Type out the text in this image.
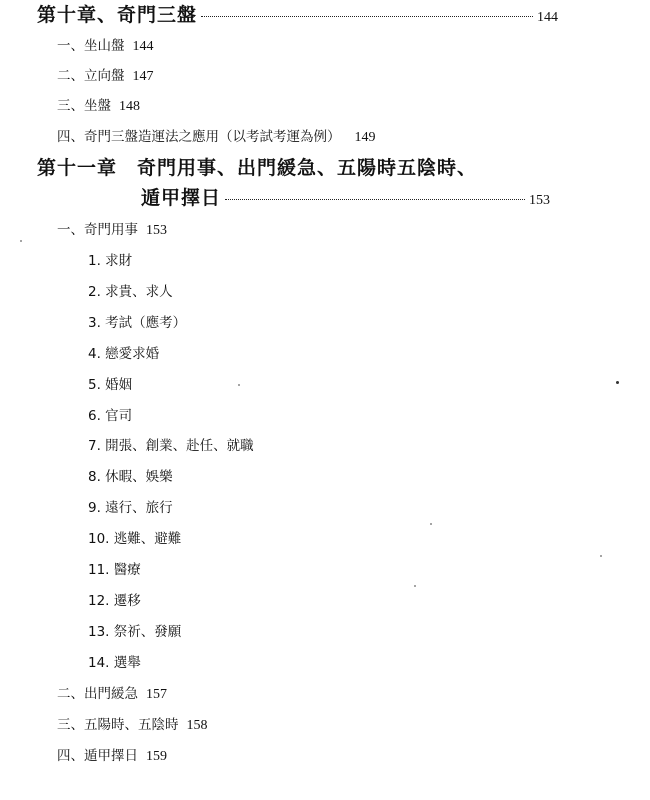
第十章、奇門三盤	144
一、坐山盤 144
二、立向盤 147
三、坐盤 148
四、奇門三盤造運法之應用（以考試考運為例） 149
第十一章　奇門用事、出門緩急、五陽時五陰時、
遁甲擇日	153
一、奇門用事 153
1. 求財
2. 求貴、求人
3. 考試（應考）
4. 戀愛求婚
5. 婚姻
6. 官司
7. 開張、創業、赴任、就職
8. 休暇、娛樂
9. 遠行、旅行
10. 逃難、避難
11. 醫療
12. 遷移
13. 祭祈、發願
14. 選舉
二、出門緩急 157
三、五陽時、五陰時 158
四、遁甲擇日 159
